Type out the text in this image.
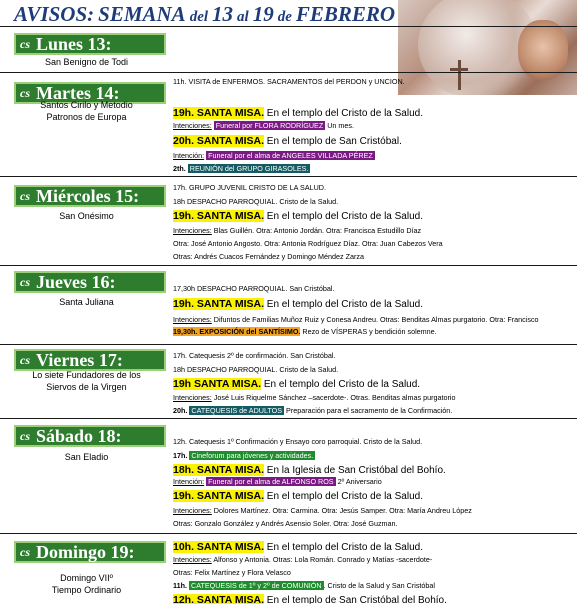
AVISOS: SEMANA del 13 al 19 de FEBRERO
cs Lunes 13:
San Benigno de Todi
cs Martes 14:
Santos Cirilo y Metodio
Patronos de Europa
11h. VISITA de ENFERMOS. SACRAMENTOS del PERDON y UNCION.
19h. SANTA MISA. En el templo del Cristo de la Salud.
Intenciones: Funeral por FLORA RODRÍGUEZ Un mes.
20h. SANTA MISA. En el templo de San Cristóbal.
Intención: Funeral por el alma de ANGELES VILLADA PÉREZ
2th. REUNIÓN del GRUPO GIRASOLES.
cs Miércoles 15:
San Onésimo
17h. GRUPO JUVENIL CRISTO DE LA SALUD.
18h DESPACHO PARROQUIAL. Cristo de la Salud.
19h. SANTA MISA. En el templo del Cristo de la Salud.
Intenciones: Blas Guillén. Otra: Antonio Jordán. Otra: Francisca Estudillo Díaz
Otra: José Antonio Angosto. Otra: Antonia Rodríguez Díaz. Otra: Juan Cabezos Vera
Otras: Andrés Cuacos Fernández y Domingo Méndez Zarza
cs Jueves 16:
Santa Juliana
17,30h DESPACHO PARROQUIAL. San Cristóbal.
19h. SANTA MISA. En el templo del Cristo de la Salud.
Intenciones: Difuntos de Familias Muñoz Ruiz y Conesa Andreu. Otras: Benditas Almas purgatorio. Otra: Francisco
19,30h. EXPOSICIÓN del SANTÍSIMO. Rezo de VÍSPERAS y bendición solemne.
cs Viernes 17:
Lo siete Fundadores de los
Siervos de la Virgen
17h. Catequesis 2º de confirmación. San Cristóbal.
18h DESPACHO PARROQUIAL. Cristo de la Salud.
19h SANTA MISA. En el templo del Cristo de la Salud.
Intenciones: José Luis Riquelme Sánchez –sacerdote-. Otras. Benditas almas purgatorio
20h. CATEQUESIS de ADULTOS Preparación para el sacramento de la Confirmación.
cs Sábado 18:
San Eladio
12h. Catequesis 1º Confirmación y Ensayo coro parroquial. Cristo de la Salud.
17h. Cineforum para jóvenes y actividades.
18h. SANTA MISA. En la Iglesia de San Cristóbal del Bohío.
Intención: Funeral por el alma de ALFONSO ROS 2º Aniversario
19h. SANTA MISA. En el templo del Cristo de la Salud.
Intenciones: Dolores Martínez. Otra: Carmina. Otra: Jesús Samper. Otra: María Andreu López
Otras: Gonzalo González y Andrés Asensio Soler. Otra: José Guzman.
cs Domingo 19:
Domingo VIIº
Tiempo Ordinario
10h. SANTA MISA. En el templo del Cristo de la Salud.
Intenciones: Alfonso y Antonia. Otras: Lola Román. Conrado y Matías -sacerdote-
Otras: Felix Martínez y Flora Velasco
11h. CATEQUESIS de 1º y 2º de COMUNIÓN . Cristo de la Salud y San Cristóbal
12h. SANTA MISA. En el templo de San Cristóbal del Bohío.
